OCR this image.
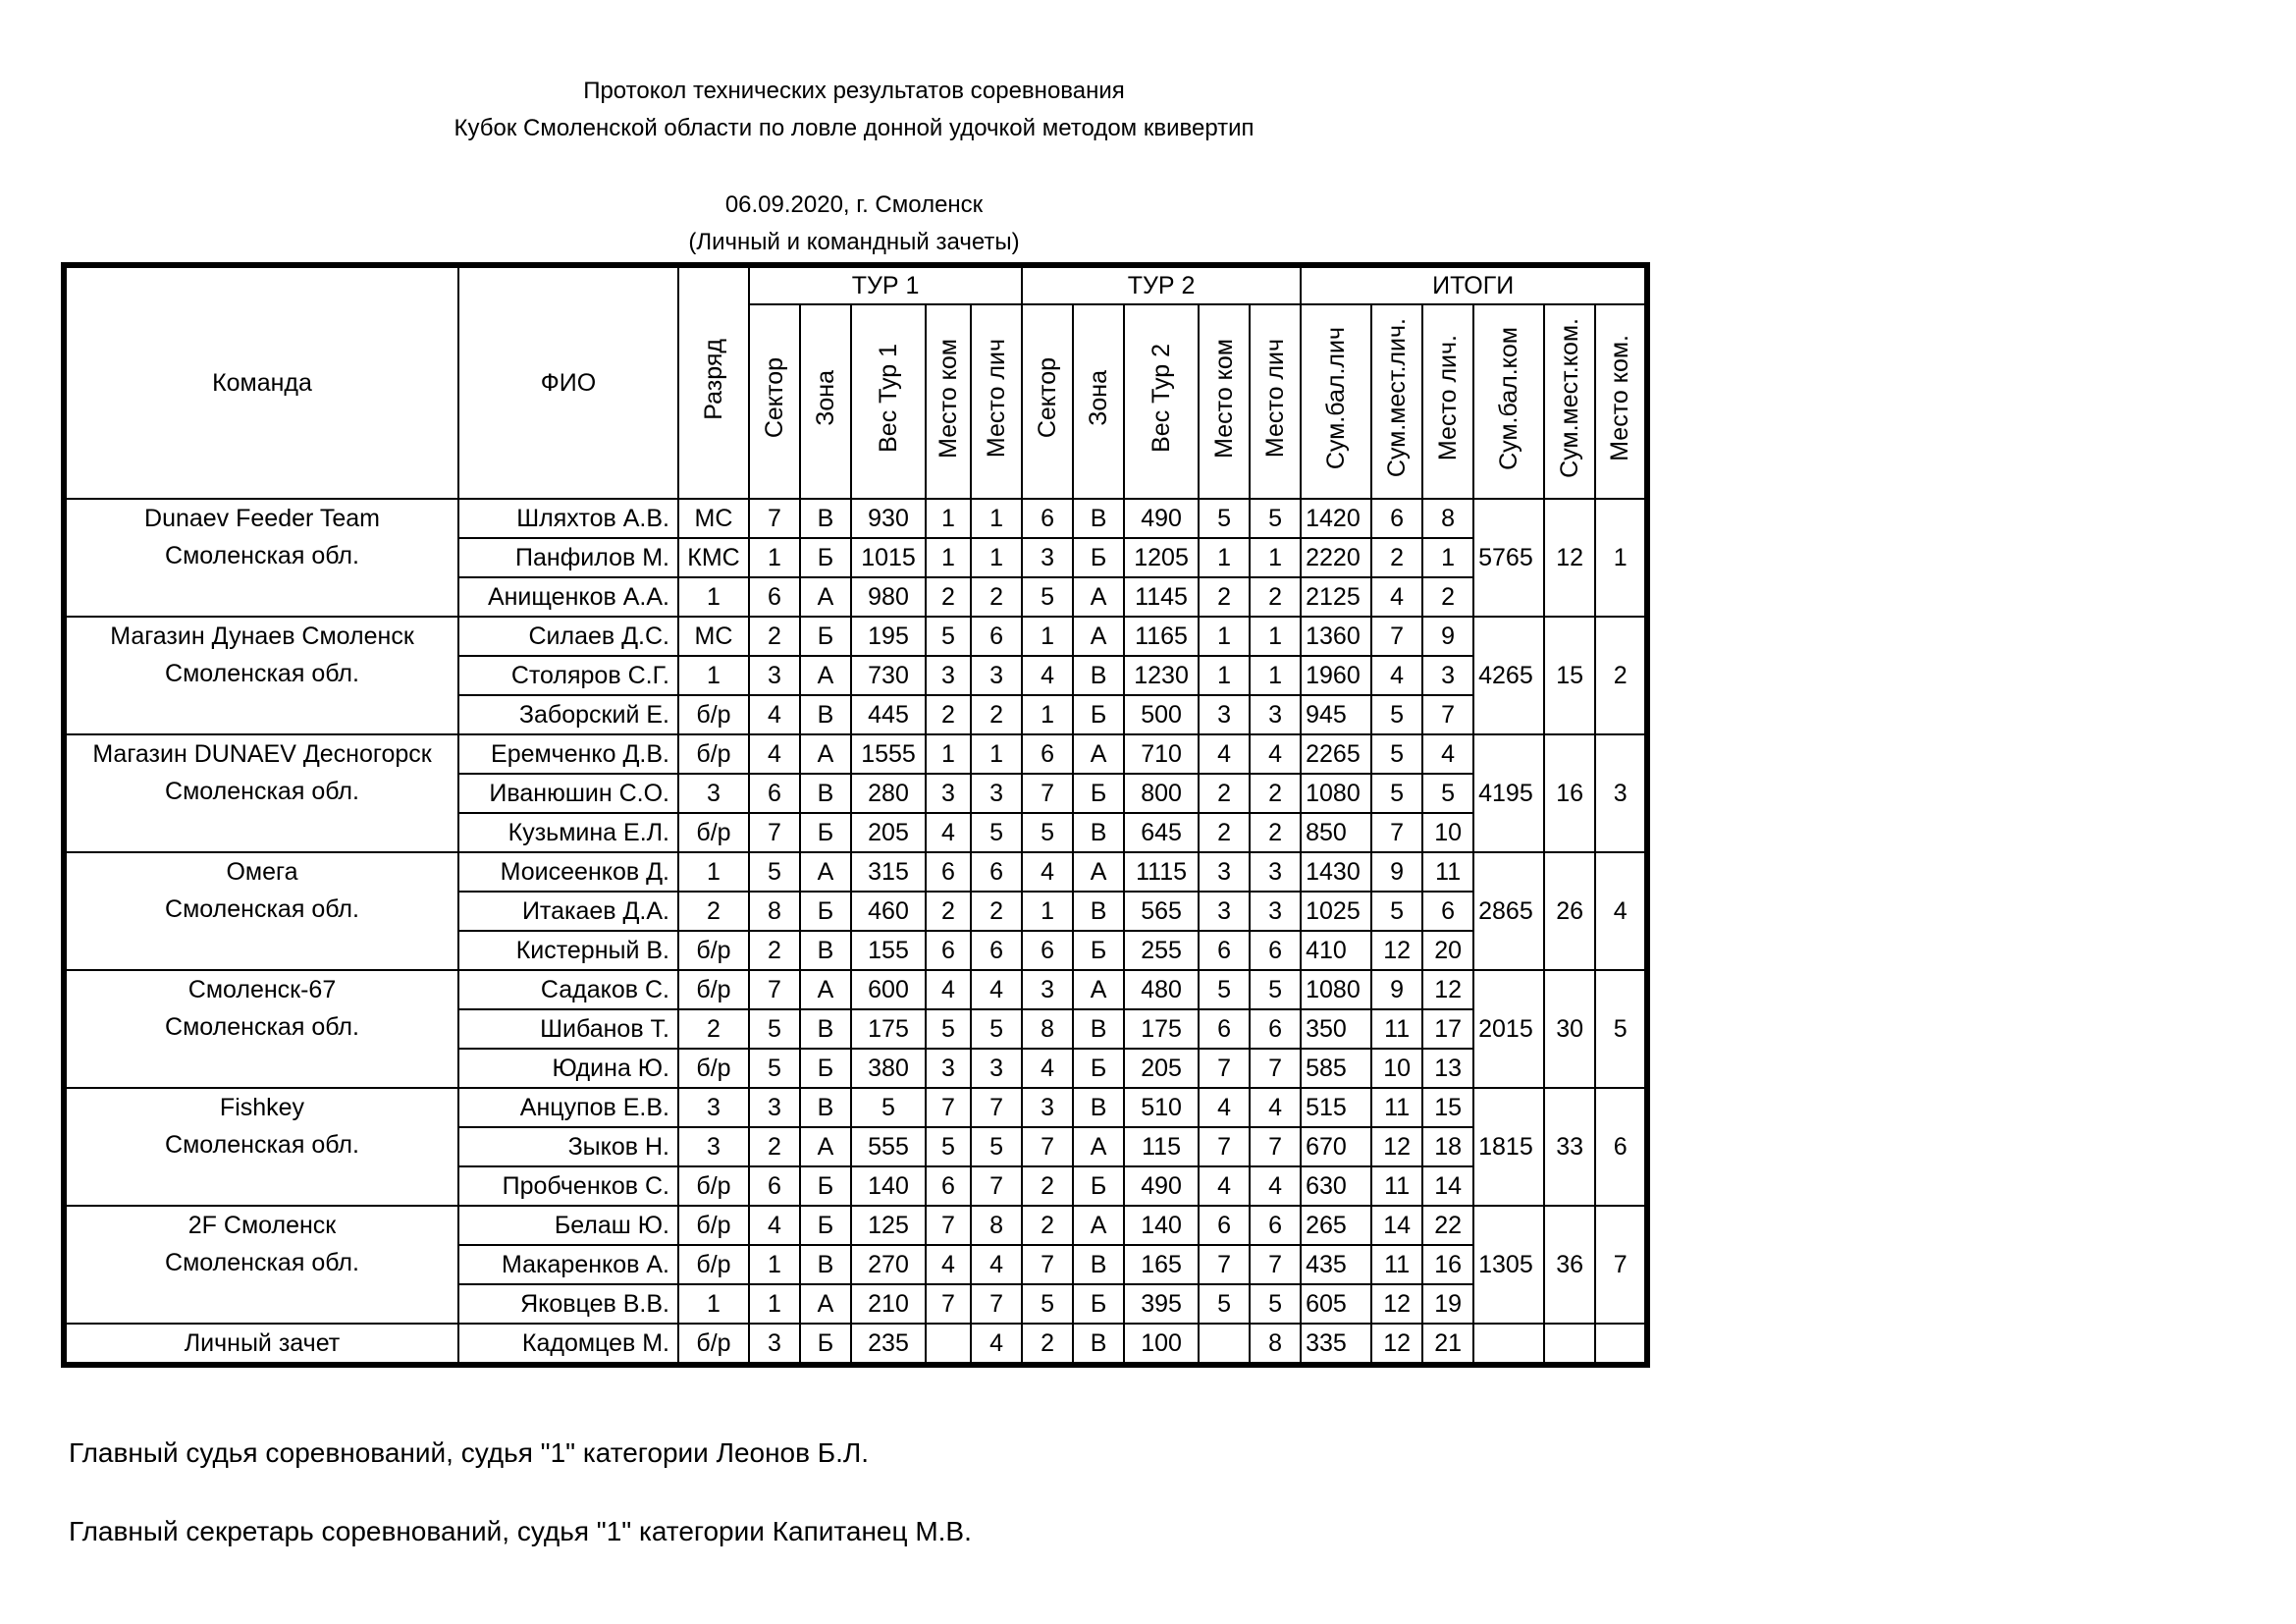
Протокол технических результатов соревнования
Кубок Смоленской области по ловле донной удочкой методом квивертип
06.09.2020, г. Смоленск
(Личный и командный зачеты)
Команда	ФИО	Разряд	ТУР 1					ТУР 2					ИТОГИ					
			Сектор	Зона	Вес Тур 1	Место ком	Место лич	Сектор	Зона	Вес Тур 2	Место ком	Место лич	Сум.бал.лич	Сум.мест.лич.	Место лич.	Сум.бал.ком	Сум.мест.ком.	Место ком.

Dunaev Feeder Team
Смоленская обл.	Шляхтов А.В.	МС	7	В	930	1	1	6	В	490	5	5	1420	6	8	5765	12	1
	Панфилов М.	КМС	1	Б	1015	1	1	3	Б	1205	1	1	2220	2	1			
	Анищенков А.А.	1	6	А	980	2	2	5	А	1145	2	2	2125	4	2			

Магазин Дунаев Смоленск
Смоленская обл.	Силаев Д.С.	МС	2	Б	195	5	6	1	А	1165	1	1	1360	7	9	4265	15	2
	Столяров С.Г.	1	3	А	730	3	3	4	В	1230	1	1	1960	4	3			
	Заборский Е.	б/р	4	В	445	2	2	1	Б	500	3	3	945	5	7			

Магазин DUNAEV Десногорск
Смоленская обл.	Еремченко Д.В.	б/р	4	А	1555	1	1	6	А	710	4	4	2265	5	4	4195	16	3
	Иванюшин С.О.	3	6	В	280	3	3	7	Б	800	2	2	1080	5	5			
	Кузьмина Е.Л.	б/р	7	Б	205	4	5	5	В	645	2	2	850	7	10			

Омега
Смоленская обл.	Моисеенков Д.	1	5	А	315	6	6	4	А	1115	3	3	1430	9	11	2865	26	4
	Итакаев Д.А.	2	8	Б	460	2	2	1	В	565	3	3	1025	5	6			
	Кистерный В.	б/р	2	В	155	6	6	6	Б	255	6	6	410	12	20			

Смоленск-67
Смоленская обл.	Садаков С.	б/р	7	А	600	4	4	3	А	480	5	5	1080	9	12	2015	30	5
	Шибанов Т.	2	5	В	175	5	5	8	В	175	6	6	350	11	17			
	Юдина Ю.	б/р	5	Б	380	3	3	4	Б	205	7	7	585	10	13			

Fishkey
Смоленская обл.	Анцупов Е.В.	3	3	В	5	7	7	3	В	510	4	4	515	11	15	1815	33	6
	Зыков Н.	3	2	А	555	5	5	7	А	115	7	7	670	12	18			
	Пробченков С.	б/р	6	Б	140	6	7	2	Б	490	4	4	630	11	14			

2F Смоленск
Смоленская обл.	Белаш Ю.	б/р	4	Б	125	7	8	2	А	140	6	6	265	14	22	1305	36	7
	Макаренков А.	б/р	1	В	270	4	4	7	В	165	7	7	435	11	16			
	Яковцев В.В.	1	1	А	210	7	7	5	Б	395	5	5	605	12	19			
Личный зачет	Кадомцев М.	б/р	3	Б	235		4	2	В	100		8	335	12	21			
Главный судья соревнований, судья "1" категории Леонов Б.Л.
Главный секретарь соревнований, судья "1" категории Капитанец М.В.
